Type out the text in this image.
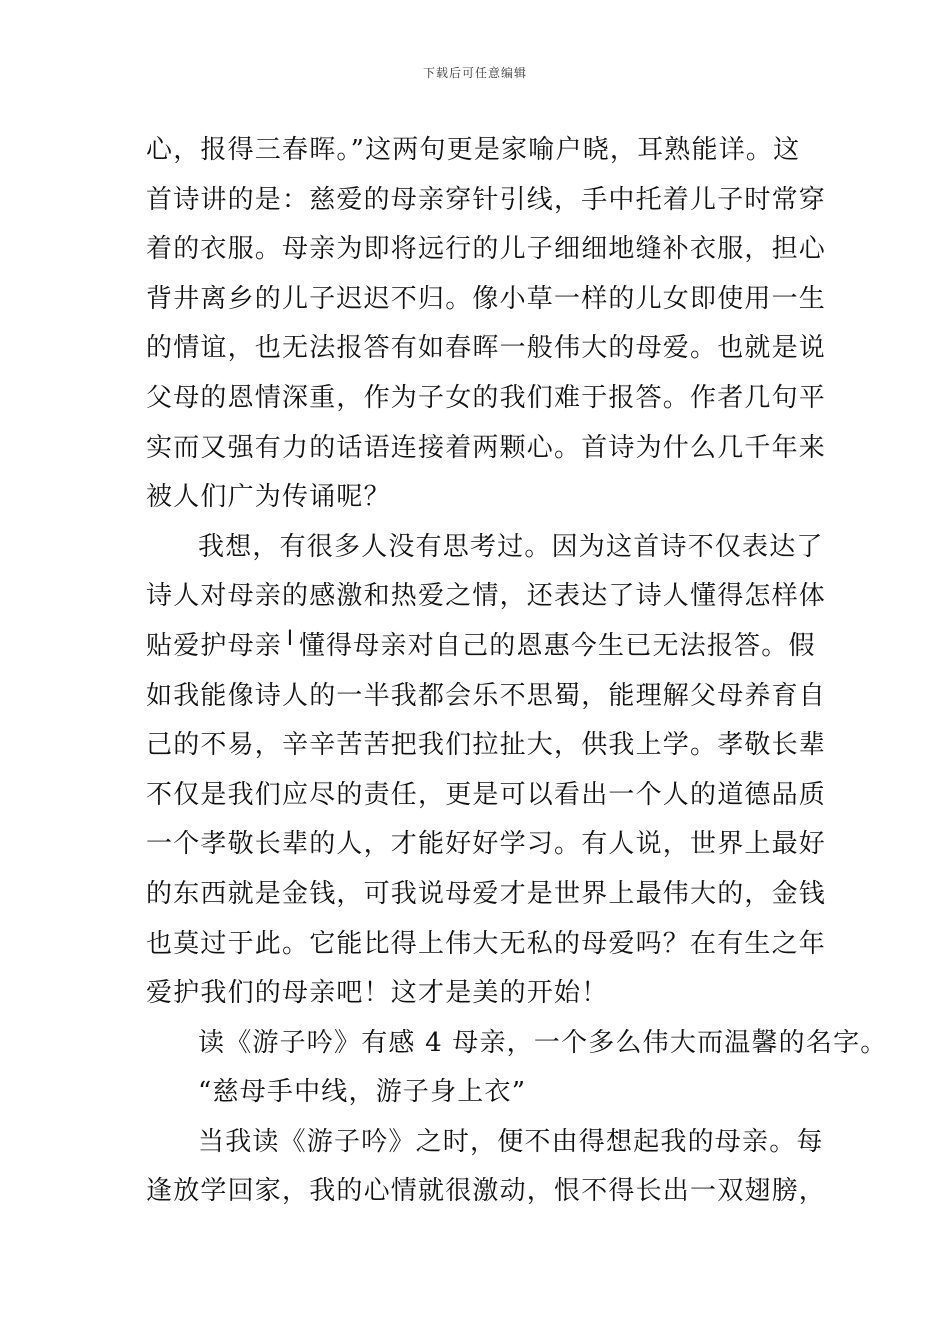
下载后可任意编辑
心，报得三春晖。”这两句更是家喻户晓，耳熟能详。这
首诗讲的是：慈爱的母亲穿针引线，手中托着儿子时常穿
着的衣服。母亲为即将远行的儿子细细地缝补衣服，担心
背井离乡的儿子迟迟不归。像小草一样的儿女即使用一生
的情谊，也无法报答有如春晖一般伟大的母爱。也就是说
父母的恩情深重，作为子女的我们难于报答。作者几句平
实而又强有力的话语连接着两颗心。首诗为什么几千年来
被人们广为传诵呢？
我想，有很多人没有思考过。因为这首诗不仅表达了
诗人对母亲的感激和热爱之情，还表达了诗人懂得怎样体
贴爱护母亲╵懂得母亲对自己的恩惠今生已无法报答。假
如我能像诗人的一半我都会乐不思蜀，能理解父母养育自
己的不易，辛辛苦苦把我们拉扯大，供我上学。孝敬长辈
不仅是我们应尽的责任，更是可以看出一个人的道德品质
一个孝敬长辈的人，才能好好学习。有人说，世界上最好
的东西就是金钱，可我说母爱才是世界上最伟大的，金钱
也莫过于此。它能比得上伟大无私的母爱吗？在有生之年
爱护我们的母亲吧！这才是美的开始！
读《游子吟》有感 4 母亲，一个多么伟大而温馨的名字。
“慈母手中线，游子身上衣”
当我读《游子吟》之时，便不由得想起我的母亲。每
逢放学回家，我的心情就很激动，恨不得长出一双翅膀，
